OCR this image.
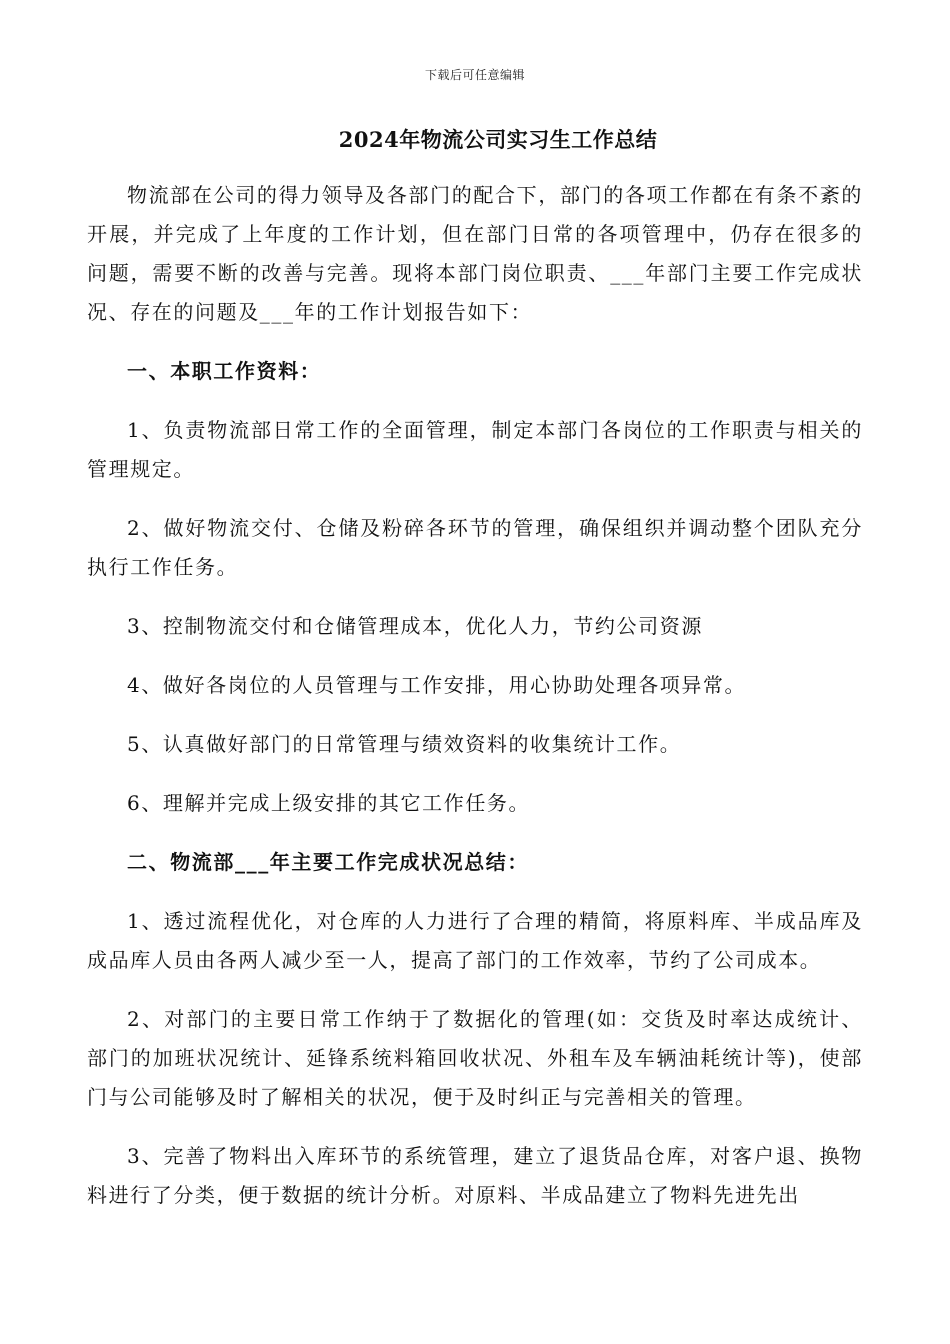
下载后可任意编辑
2024年物流公司实习生工作总结

物流部在公司的得力领导及各部门的配合下，部门的各项工作都在有条不紊的开展，并完成了上年度的工作计划，但在部门日常的各项管理中，仍存在很多的问题，需要不断的改善与完善。现将本部门岗位职责、___年部门主要工作完成状况、存在的问题及___年的工作计划报告如下：

一、本职工作资料：

1、负责物流部日常工作的全面管理，制定本部门各岗位的工作职责与相关的管理规定。

2、做好物流交付、仓储及粉碎各环节的管理，确保组织并调动整个团队充分执行工作任务。

3、控制物流交付和仓储管理成本，优化人力，节约公司资源

4、做好各岗位的人员管理与工作安排，用心协助处理各项异常。

5、认真做好部门的日常管理与绩效资料的收集统计工作。

6、理解并完成上级安排的其它工作任务。

二、物流部___年主要工作完成状况总结：

1、透过流程优化，对仓库的人力进行了合理的精简，将原料库、半成品库及成品库人员由各两人减少至一人，提高了部门的工作效率，节约了公司成本。

2、对部门的主要日常工作纳于了数据化的管理(如：交货及时率达成统计、部门的加班状况统计、延锋系统料箱回收状况、外租车及车辆油耗统计等)，使部门与公司能够及时了解相关的状况，便于及时纠正与完善相关的管理。

3、完善了物料出入库环节的系统管理，建立了退货品仓库，对客户退、换物料进行了分类，便于数据的统计分析。对原料、半成品建立了物料先进先出
